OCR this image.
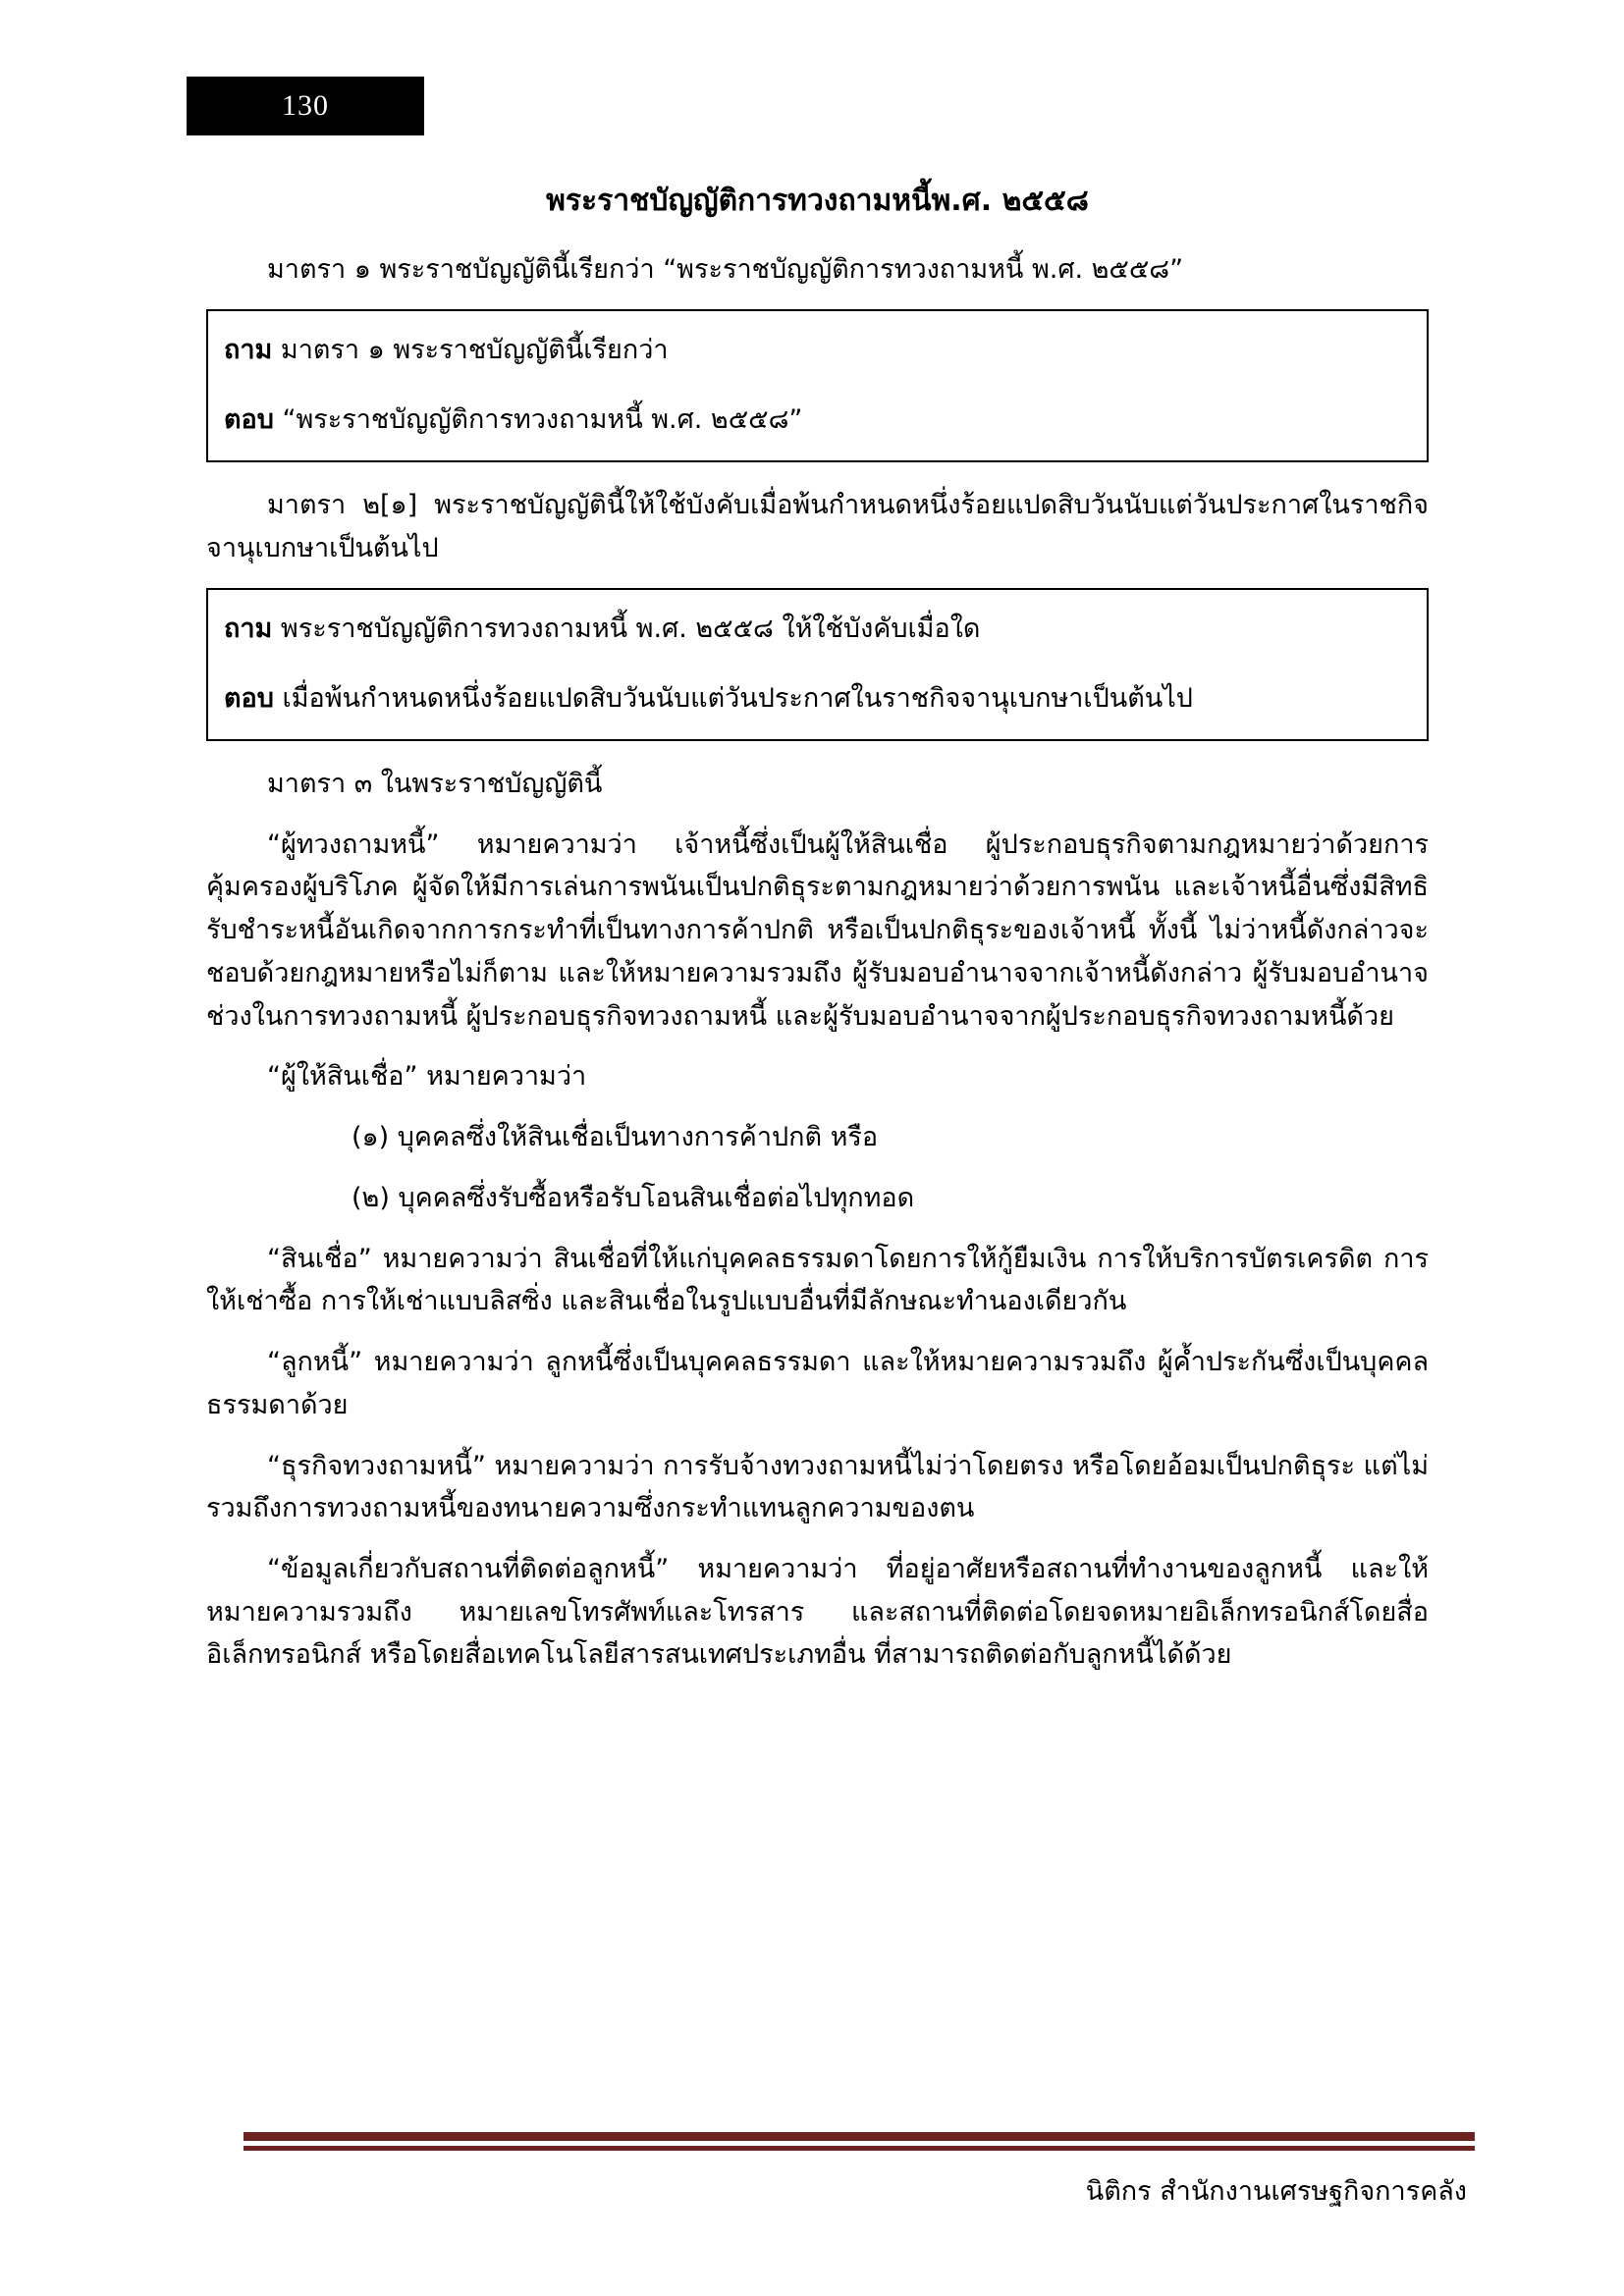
130
พระราชบัญญัติการทวงถามหนี้พ.ศ. ๒๕๕๘

มาตรา ๑ พระราชบัญญัตินี้เรียกว่า “พระราชบัญญัติการทวงถามหนี้ พ.ศ. ๒๕๕๘”

ถาม มาตรา ๑ พระราชบัญญัตินี้เรียกว่า

ตอบ “พระราชบัญญัติการทวงถามหนี้ พ.ศ. ๒๕๕๘”

มาตรา ๒[๑] พระราชบัญญัตินี้ให้ใช้บังคับเมื่อพ้นกำหนดหนึ่งร้อยแปดสิบวันนับแต่วันประกาศในราชกิจจานุเบกษาเป็นต้นไป

ถาม พระราชบัญญัติการทวงถามหนี้ พ.ศ. ๒๕๕๘ ให้ใช้บังคับเมื่อใด

ตอบ เมื่อพ้นกำหนดหนึ่งร้อยแปดสิบวันนับแต่วันประกาศในราชกิจจานุเบกษาเป็นต้นไป

มาตรา ๓ ในพระราชบัญญัตินี้

“ผู้ทวงถามหนี้” หมายความว่า เจ้าหนี้ซึ่งเป็นผู้ให้สินเชื่อ ผู้ประกอบธุรกิจตามกฎหมายว่าด้วยการคุ้มครองผู้บริโภค ผู้จัดให้มีการเล่นการพนันเป็นปกติธุระตามกฎหมายว่าด้วยการพนัน และเจ้าหนี้อื่นซึ่งมีสิทธิรับชำระหนี้อันเกิดจากการกระทำที่เป็นทางการค้าปกติ หรือเป็นปกติธุระของเจ้าหนี้ ทั้งนี้ ไม่ว่าหนี้ดังกล่าวจะชอบด้วยกฎหมายหรือไม่ก็ตาม และให้หมายความรวมถึง ผู้รับมอบอำนาจจากเจ้าหนี้ดังกล่าว ผู้รับมอบอำนาจช่วงในการทวงถามหนี้ ผู้ประกอบธุรกิจทวงถามหนี้ และผู้รับมอบอำนาจจากผู้ประกอบธุรกิจทวงถามหนี้ด้วย

“ผู้ให้สินเชื่อ” หมายความว่า

(๑) บุคคลซึ่งให้สินเชื่อเป็นทางการค้าปกติ หรือ

(๒) บุคคลซึ่งรับซื้อหรือรับโอนสินเชื่อต่อไปทุกทอด

“สินเชื่อ” หมายความว่า สินเชื่อที่ให้แก่บุคคลธรรมดาโดยการให้กู้ยืมเงิน การให้บริการบัตรเครดิต การให้เช่าซื้อ การให้เช่าแบบลิสซิ่ง และสินเชื่อในรูปแบบอื่นที่มีลักษณะทำนองเดียวกัน

“ลูกหนี้” หมายความว่า ลูกหนี้ซึ่งเป็นบุคคลธรรมดา และให้หมายความรวมถึง ผู้ค้ำประกันซึ่งเป็นบุคคลธรรมดาด้วย

“ธุรกิจทวงถามหนี้” หมายความว่า การรับจ้างทวงถามหนี้ไม่ว่าโดยตรง หรือโดยอ้อมเป็นปกติธุระ แต่ไม่รวมถึงการทวงถามหนี้ของทนายความซึ่งกระทำแทนลูกความของตน

“ข้อมูลเกี่ยวกับสถานที่ติดต่อลูกหนี้” หมายความว่า ที่อยู่อาศัยหรือสถานที่ทำงานของลูกหนี้ และให้หมายความรวมถึง หมายเลขโทรศัพท์และโทรสาร และสถานที่ติดต่อโดยจดหมายอิเล็กทรอนิกส์โดยสื่ออิเล็กทรอนิกส์ หรือโดยสื่อเทคโนโลยีสารสนเทศประเภทอื่น ที่สามารถติดต่อกับลูกหนี้ได้ด้วย

นิติกร สำนักงานเศรษฐกิจการคลัง
